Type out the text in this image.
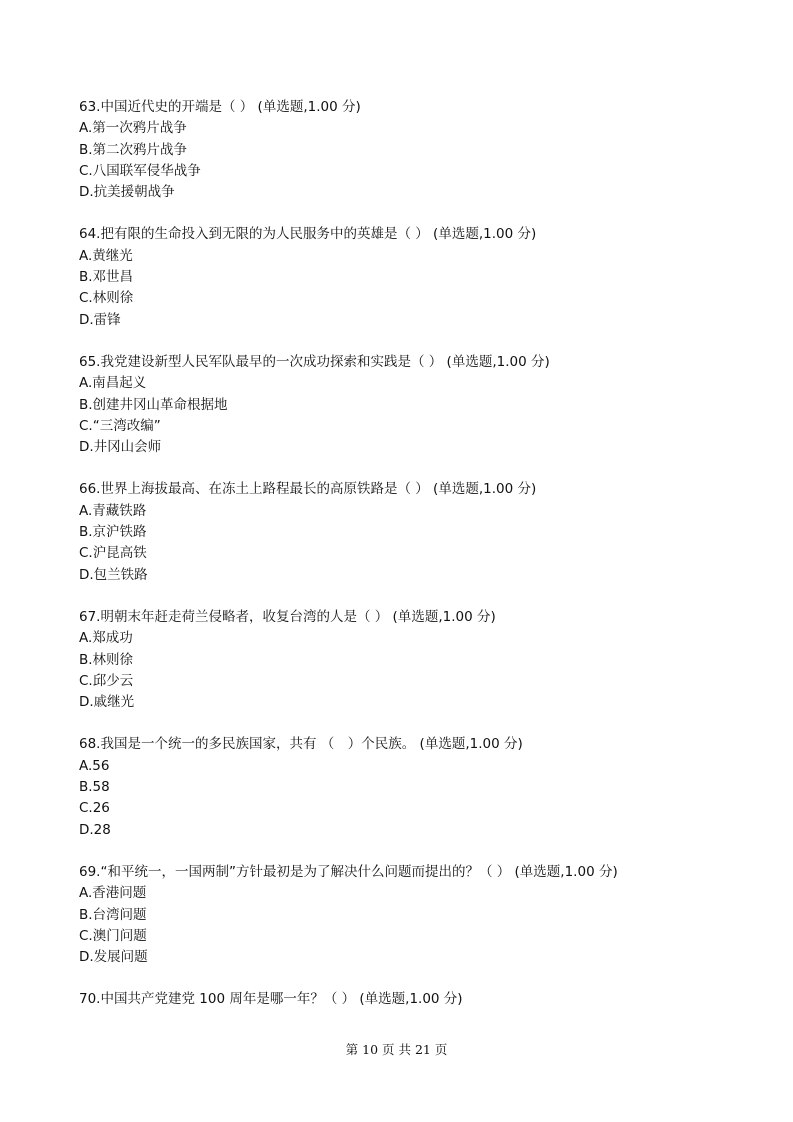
63.中国近代史的开端是（ ） (单选题,1.00 分)
A.第一次鸦片战争
B.第二次鸦片战争
C.八国联军侵华战争
D.抗美援朝战争
64.把有限的生命投入到无限的为人民服务中的英雄是（ ） (单选题,1.00 分)
A.黄继光
B.邓世昌
C.林则徐
D.雷锋
65.我党建设新型人民军队最早的一次成功探索和实践是（ ） (单选题,1.00 分)
A.南昌起义
B.创建井冈山革命根据地
C.“三湾改编”
D.井冈山会师
66.世界上海拔最高、在冻土上路程最长的高原铁路是（ ） (单选题,1.00 分)
A.青藏铁路
B.京沪铁路
C.沪昆高铁
D.包兰铁路
67.明朝末年赶走荷兰侵略者，收复台湾的人是（ ） (单选题,1.00 分)
A.郑成功
B.林则徐
C.邱少云
D.戚继光
68.我国是一个统一的多民族国家，共有 （　）个民族。 (单选题,1.00 分)
A.56
B.58
C.26
D.28
69.“和平统一，一国两制”方针最初是为了解决什么问题而提出的？（ ） (单选题,1.00 分)
A.香港问题
B.台湾问题
C.澳门问题
D.发展问题
70.中国共产党建党 100 周年是哪一年？（ ） (单选题,1.00 分)
第 10 页 共 21 页
